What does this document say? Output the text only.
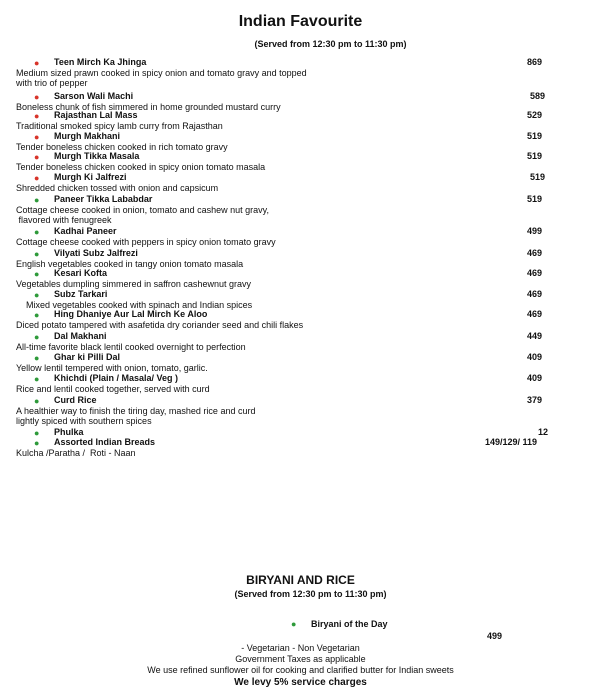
Indian Favourite
(Served from 12:30 pm to 11:30 pm)
● Teen Mirch Ka Jhinga	869
Medium sized prawn cooked in spicy onion and tomato gravy and topped
with trio of pepper
● Sarson Wali Machi	589
Boneless chunk of fish simmered in home grounded mustard curry
● Rajasthan Lal Mass	529
Traditional smoked spicy lamb curry from Rajasthan
● Murgh Makhani	519
Tender boneless chicken cooked in rich tomato gravy
● Murgh Tikka Masala	519
Tender boneless chicken cooked in spicy onion tomato masala
● Murgh Ki Jalfrezi	519
Shredded chicken tossed with onion and capsicum
● Paneer Tikka Lababdar	519
Cottage cheese cooked in onion, tomato and cashew nut gravy,
flavored with fenugreek
● Kadhai Paneer	499
Cottage cheese cooked with peppers in spicy onion tomato gravy
● Vilyati Subz Jalfrezi	469
English vegetables cooked in tangy onion tomato masala
● Kesari Kofta	469
Vegetables dumpling simmered in saffron cashewnut gravy
● Subz Tarkari	469
Mixed vegetables cooked with spinach and Indian spices
● Hing Dhaniye Aur Lal Mirch Ke Aloo	469
Diced potato tampered with asafetida dry coriander seed and chili flakes
● Dal Makhani	449
All-time favorite black lentil cooked overnight to perfection
● Ghar ki Pilli Dal	409
Yellow lentil tempered with onion, tomato, garlic.
● Khichdi (Plain / Masala/ Veg )	409
Rice and lentil cooked together, served with curd
● Curd Rice	379
A healthier way to finish the tiring day, mashed rice and curd
lightly spiced with southern spices
● Phulka	12
● Assorted Indian Breads	149/129/ 119
Kulcha /Paratha /  Roti - Naan
BIRYANI AND RICE
(Served from 12:30 pm to 11:30 pm)
● Biryani of the Day
499
- Vegetarian - Non Vegetarian
Government Taxes as applicable
We use refined sunflower oil for cooking and clarified butter for Indian sweets
We levy 5% service charges
